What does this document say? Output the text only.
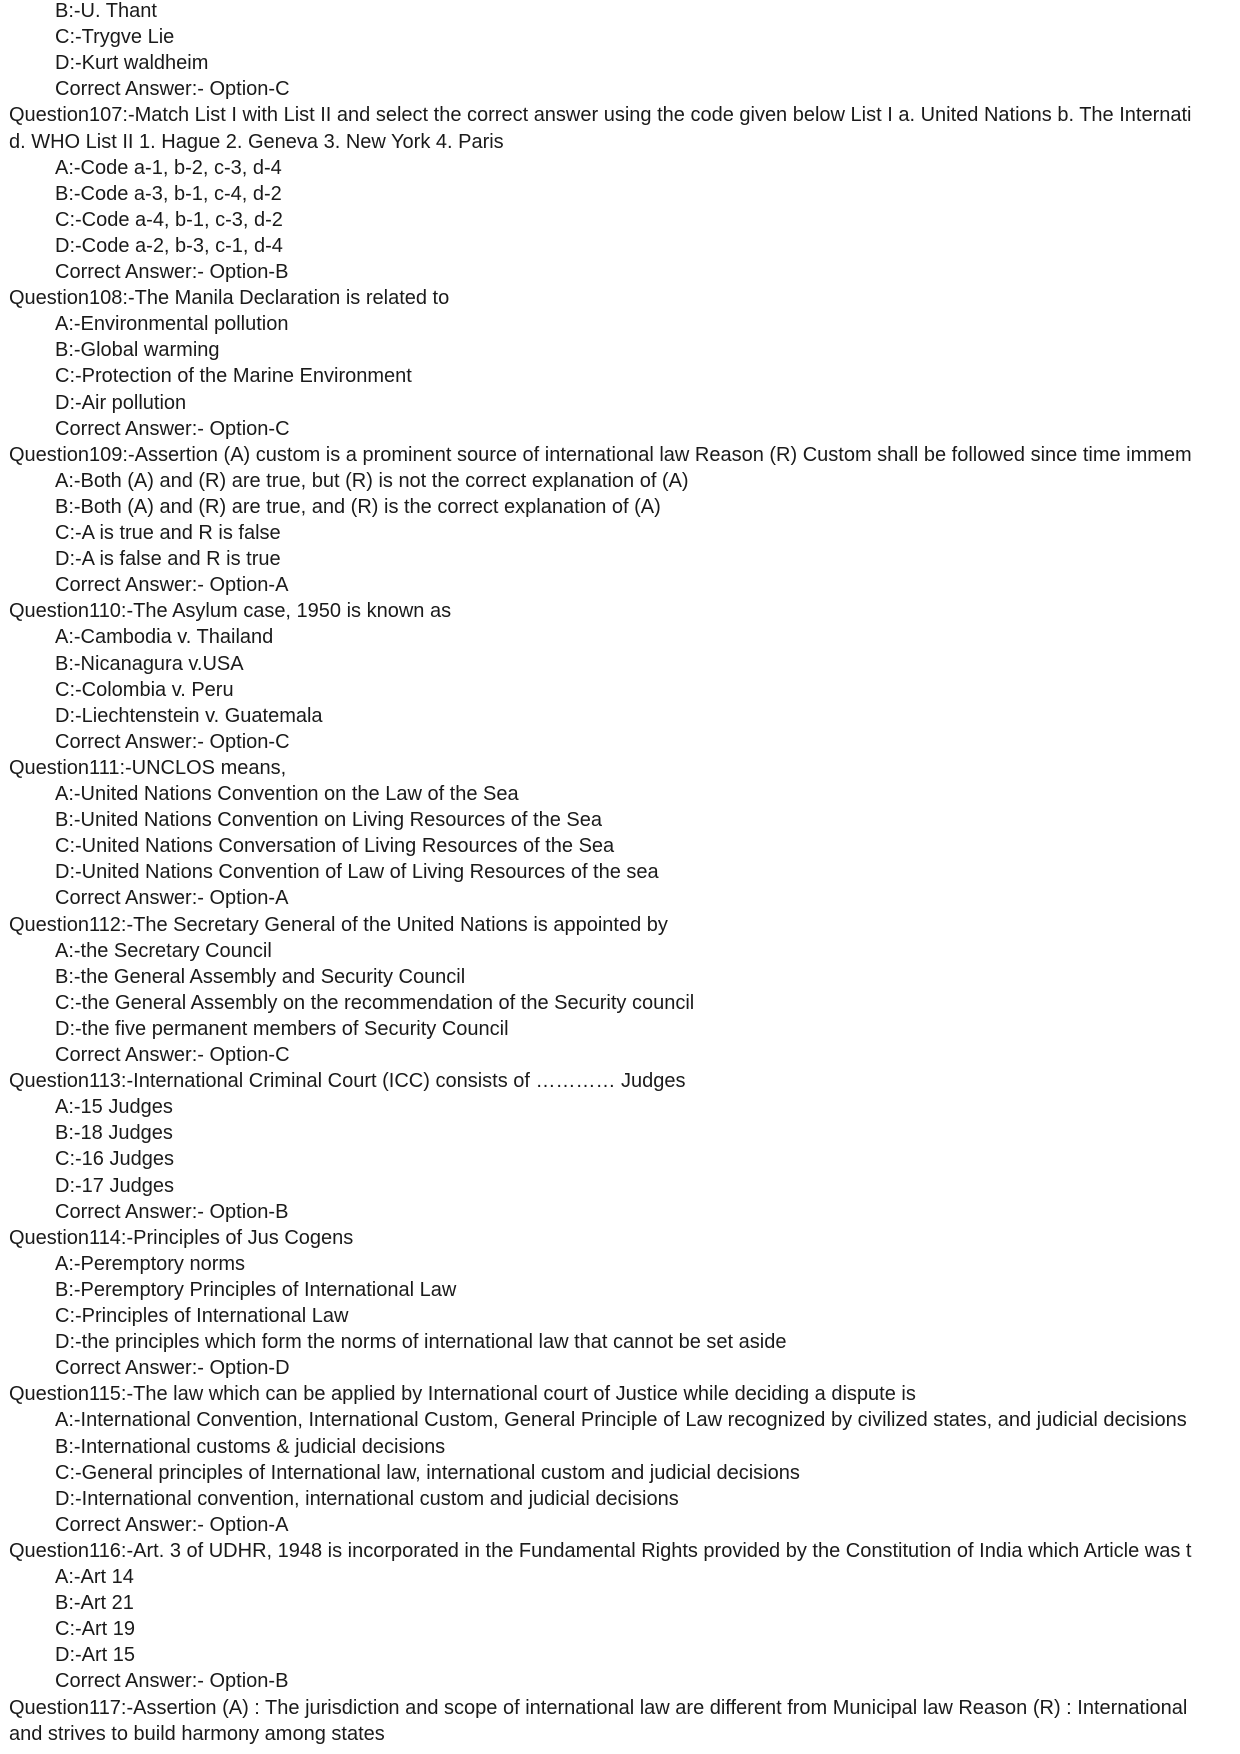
B:-U. Thant
C:-Trygve Lie
D:-Kurt waldheim
Correct Answer:- Option-C
Question107:-Match List I with List II and select the correct answer using the code given below List I a. United Nations b. The Internati
d. WHO List II 1. Hague 2. Geneva 3. New York 4. Paris
A:-Code a-1, b-2, c-3, d-4
B:-Code a-3, b-1, c-4, d-2
C:-Code a-4, b-1, c-3, d-2
D:-Code a-2, b-3, c-1, d-4
Correct Answer:- Option-B
Question108:-The Manila Declaration is related to
A:-Environmental pollution
B:-Global warming
C:-Protection of the Marine Environment
D:-Air pollution
Correct Answer:- Option-C
Question109:-Assertion (A) custom is a prominent source of international law Reason (R) Custom shall be followed since time immem
A:-Both (A) and (R) are true, but (R) is not the correct explanation of (A)
B:-Both (A) and (R) are true, and (R) is the correct explanation of (A)
C:-A is true and R is false
D:-A is false and R is true
Correct Answer:- Option-A
Question110:-The Asylum case, 1950 is known as
A:-Cambodia v. Thailand
B:-Nicanagura v.USA
C:-Colombia v. Peru
D:-Liechtenstein v. Guatemala
Correct Answer:- Option-C
Question111:-UNCLOS means,
A:-United Nations Convention on the Law of the Sea
B:-United Nations Convention on Living Resources of the Sea
C:-United Nations Conversation of Living Resources of the Sea
D:-United Nations Convention of Law of Living Resources of the sea
Correct Answer:- Option-A
Question112:-The Secretary General of the United Nations is appointed by
A:-the Secretary Council
B:-the General Assembly and Security Council
C:-the General Assembly on the recommendation of the Security council
D:-the five permanent members of Security Council
Correct Answer:- Option-C
Question113:-International Criminal Court (ICC) consists of ………… Judges
A:-15 Judges
B:-18 Judges
C:-16 Judges
D:-17 Judges
Correct Answer:- Option-B
Question114:-Principles of Jus Cogens
A:-Peremptory norms
B:-Peremptory Principles of International Law
C:-Principles of International Law
D:-the principles which form the norms of international law that cannot be set aside
Correct Answer:- Option-D
Question115:-The law which can be applied by International court of Justice while deciding a dispute is
A:-International Convention, International Custom, General Principle of Law recognized by civilized states, and judicial decisions
B:-International customs & judicial decisions
C:-General principles of International law, international custom and judicial decisions
D:-International convention, international custom and judicial decisions
Correct Answer:- Option-A
Question116:-Art. 3 of UDHR, 1948 is incorporated in the Fundamental Rights provided by the Constitution of India which Article was t
A:-Art 14
B:-Art 21
C:-Art 19
D:-Art 15
Correct Answer:- Option-B
Question117:-Assertion (A) : The jurisdiction and scope of international law are different from Municipal law Reason (R) : International
and strives to build harmony among states
